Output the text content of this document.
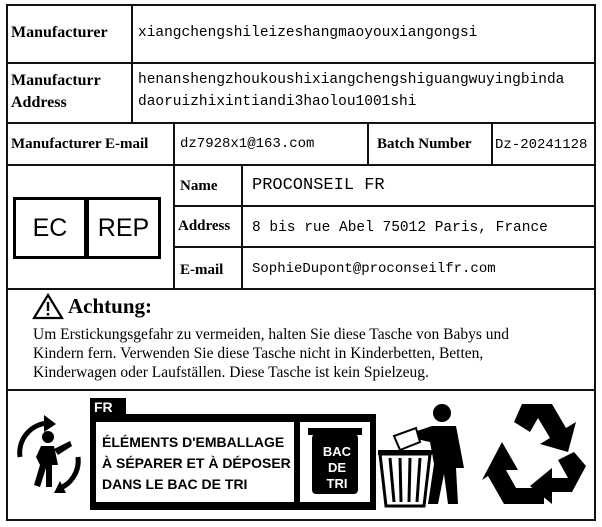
Manufacturer xiangchengshileizeshangmaoyouxiangongsi
Manufacturr
Address
henanshengzhoukoushixiangchengshiguangwuyingbinda
daoruizhixintiandi3haolou1001shi
Manufacturer E-mail dz7928x1@163.com	Batch Number Dz-20241128
EC	REP
Name PROCONSEIL FR
Address 8 bis rue Abel 75012 Paris, France
E-mail SophieDupont@proconseilfr.com
Achtung:
Um Erstickungsgefahr zu vermeiden, halten Sie diese Tasche von Babys und
Kindern fern. Verwenden Sie diese Tasche nicht in Kinderbetten, Betten,
Kinderwagen oder Laufställen. Diese Tasche ist kein Spielzeug.
FR
ÉLÉMENTS D'EMBALLAGE
À SÉPARER ET À DÉPOSER
DANS LE BAC DE TRI
BAC
DE
TRI
